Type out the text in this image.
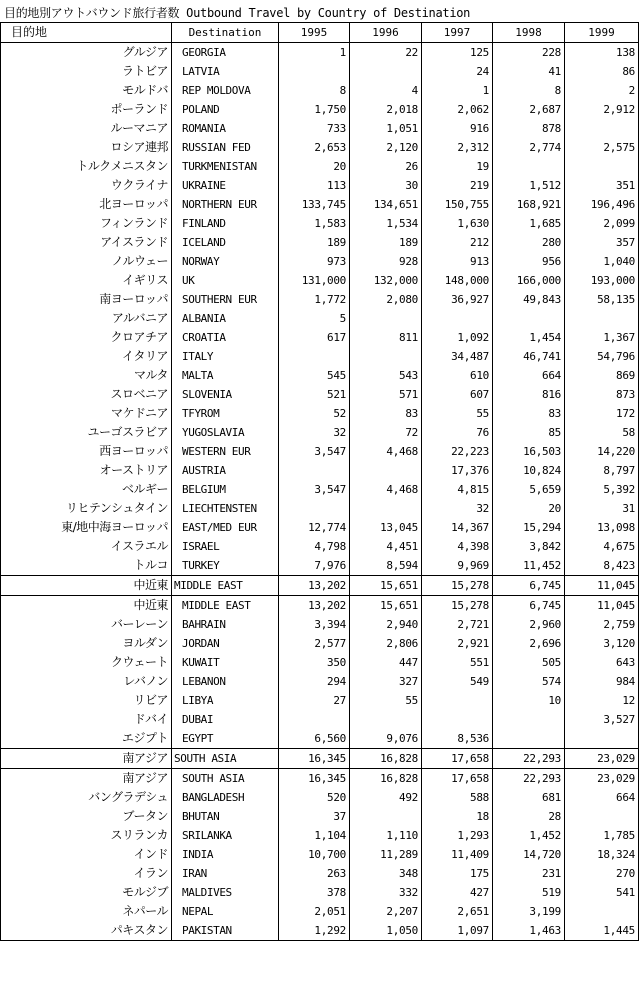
目的地別アウトバウンド旅行者数 Outbound Travel by Country of Destination
目的地	Destination	1995	1996	1997	1998	1999
グルジア	GEORGIA	1	22	125	228	138
ラトビア	LATVIA			24	41	86
モルドバ	REP MOLDOVA	8	4	1	8	2
ポーランド	POLAND	1,750	2,018	2,062	2,687	2,912
ルーマニア	ROMANIA	733	1,051	916	878	
ロシア連邦	RUSSIAN FED	2,653	2,120	2,312	2,774	2,575
トルクメニスタン	TURKMENISTAN	20	26	19		
ウクライナ	UKRAINE	113	30	219	1,512	351
北ヨーロッパ	NORTHERN EUR	133,745	134,651	150,755	168,921	196,496
フィンランド	FINLAND	1,583	1,534	1,630	1,685	2,099
アイスランド	ICELAND	189	189	212	280	357
ノルウェー	NORWAY	973	928	913	956	1,040
イギリス	UK	131,000	132,000	148,000	166,000	193,000
南ヨーロッパ	SOUTHERN EUR	1,772	2,080	36,927	49,843	58,135
アルバニア	ALBANIA	5				
クロアチア	CROATIA	617	811	1,092	1,454	1,367
イタリア	ITALY			34,487	46,741	54,796
マルタ	MALTA	545	543	610	664	869
スロベニア	SLOVENIA	521	571	607	816	873
マケドニア	TFYROM	52	83	55	83	172
ユーゴスラビア	YUGOSLAVIA	32	72	76	85	58
西ヨーロッパ	WESTERN EUR	3,547	4,468	22,223	16,503	14,220
オーストリア	AUSTRIA			17,376	10,824	8,797
ベルギー	BELGIUM	3,547	4,468	4,815	5,659	5,392
リヒテンシュタイン	LIECHTENSTEN			32	20	31
東/地中海ヨーロッパ	EAST/MED EUR	12,774	13,045	14,367	15,294	13,098
イスラエル	ISRAEL	4,798	4,451	4,398	3,842	4,675
トルコ	TURKEY	7,976	8,594	9,969	11,452	8,423
中近東	MIDDLE EAST	13,202	15,651	15,278	6,745	11,045
中近東	MIDDLE EAST	13,202	15,651	15,278	6,745	11,045
バーレーン	BAHRAIN	3,394	2,940	2,721	2,960	2,759
ヨルダン	JORDAN	2,577	2,806	2,921	2,696	3,120
クウェート	KUWAIT	350	447	551	505	643
レバノン	LEBANON	294	327	549	574	984
リビア	LIBYA	27	55		10	12
ドバイ	DUBAI					3,527
エジプト	EGYPT	6,560	9,076	8,536		
南アジア	SOUTH ASIA	16,345	16,828	17,658	22,293	23,029
南アジア	SOUTH ASIA	16,345	16,828	17,658	22,293	23,029
バングラデシュ	BANGLADESH	520	492	588	681	664
ブータン	BHUTAN	37		18	28	
スリランカ	SRILANKA	1,104	1,110	1,293	1,452	1,785
インド	INDIA	10,700	11,289	11,409	14,720	18,324
イラン	IRAN	263	348	175	231	270
モルジブ	MALDIVES	378	332	427	519	541
ネパール	NEPAL	2,051	2,207	2,651	3,199	
パキスタン	PAKISTAN	1,292	1,050	1,097	1,463	1,445
